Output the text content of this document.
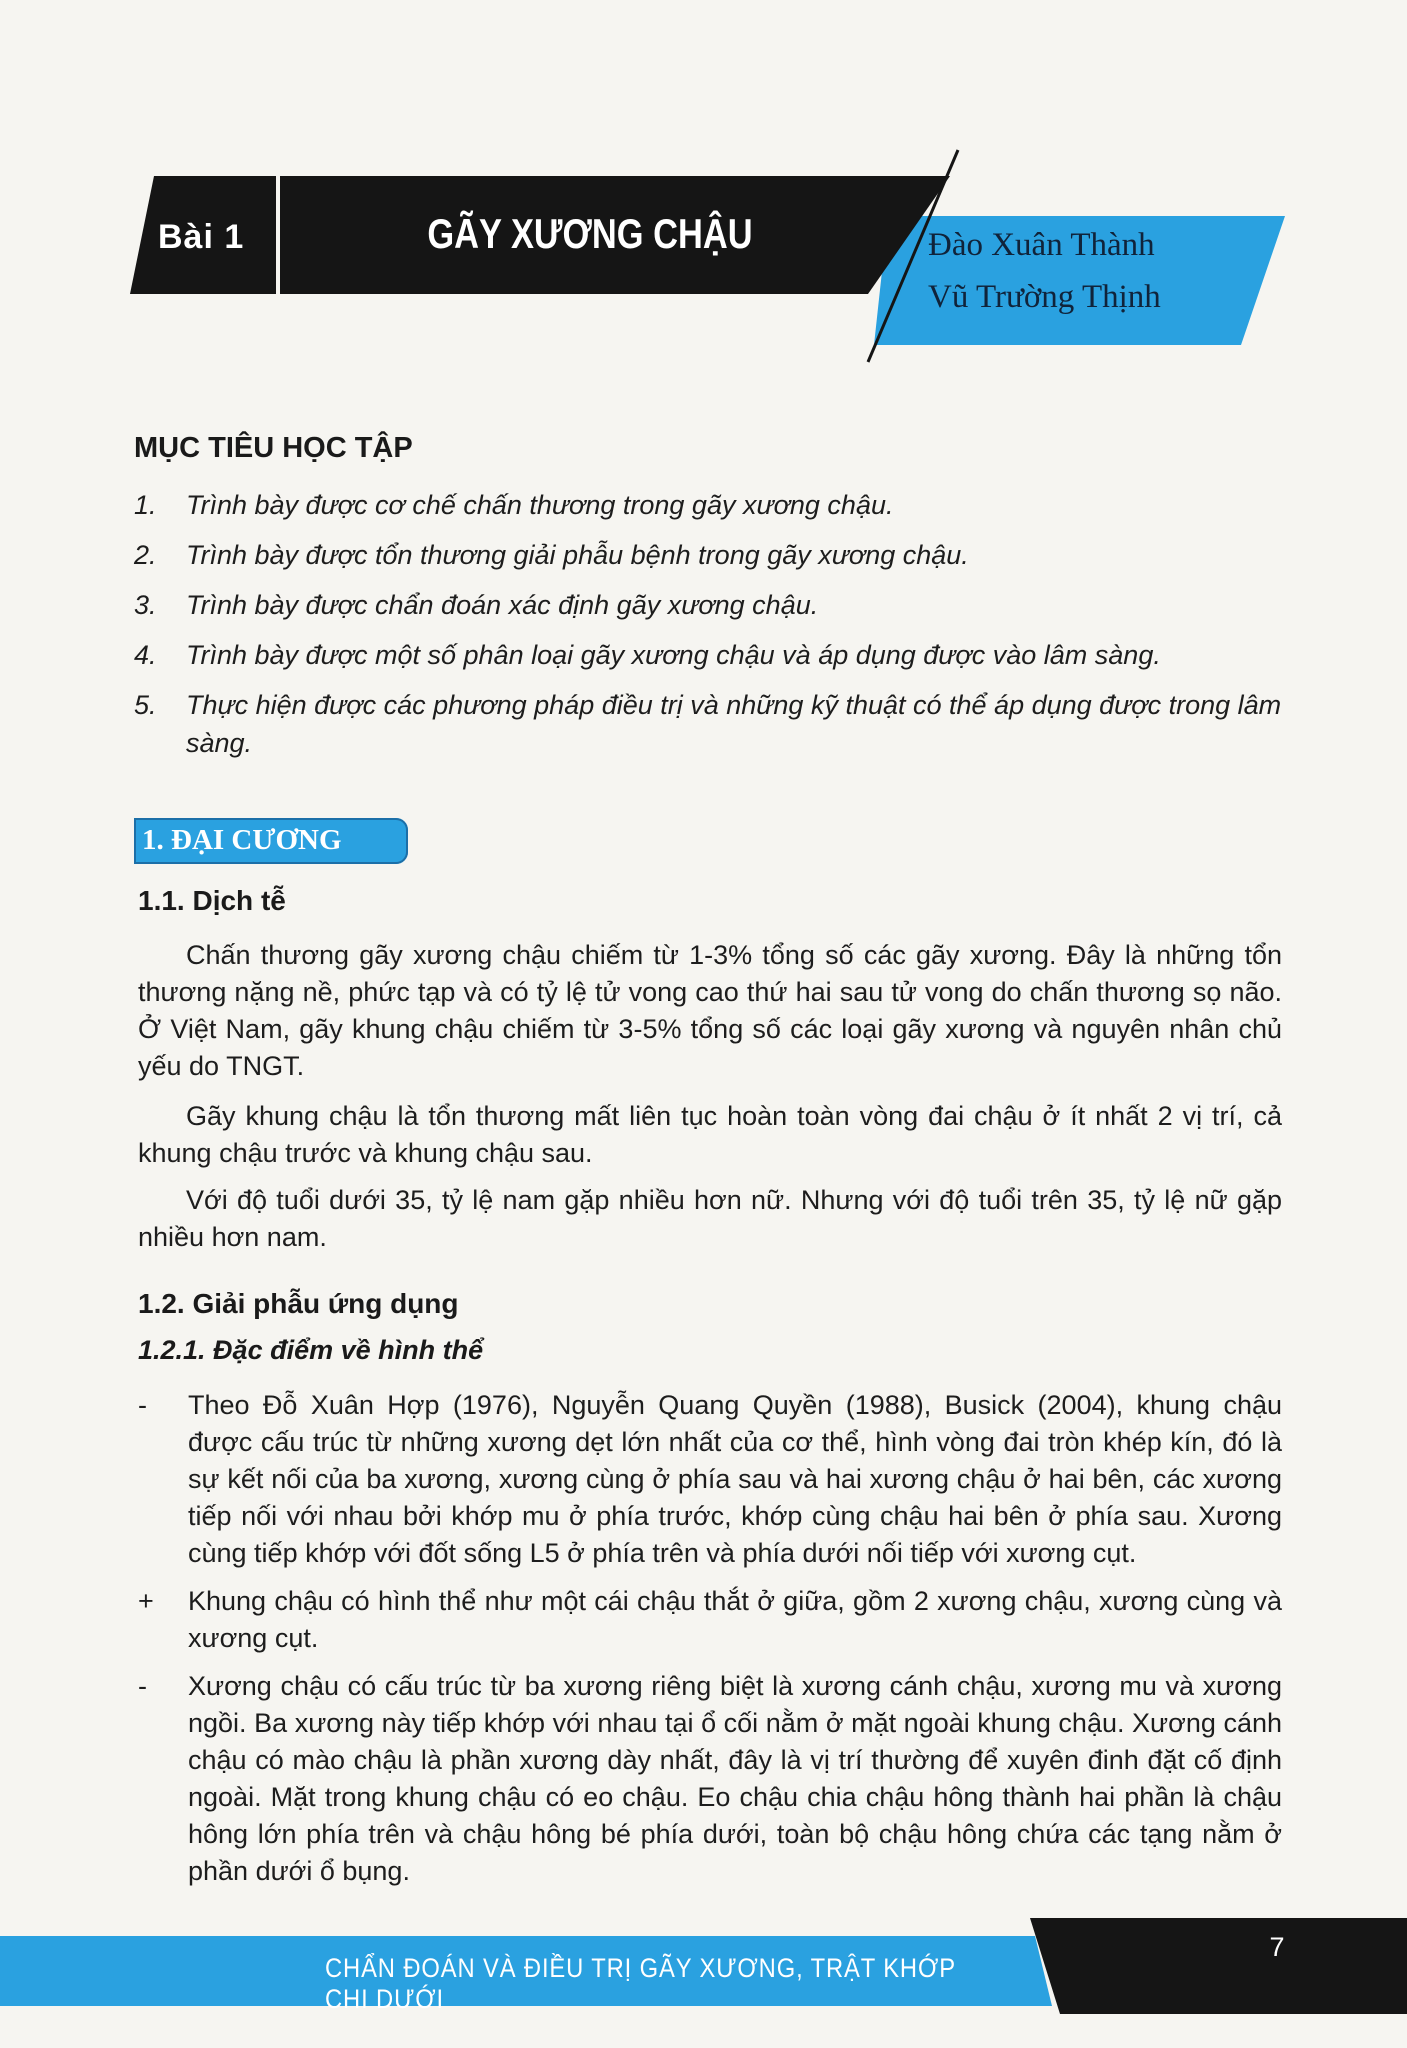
Bài 1	GÃY XƯƠNG CHẬU	Đào Xuân Thành
Vũ Trường Thịnh
MỤC TIÊU HỌC TẬP
1.	Trình bày được cơ chế chấn thương trong gãy xương chậu.
2.	Trình bày được tổn thương giải phẫu bệnh trong gãy xương chậu.
3.	Trình bày được chẩn đoán xác định gãy xương chậu.
4.	Trình bày được một số phân loại gãy xương chậu và áp dụng được vào lâm sàng.
5.	Thực hiện được các phương pháp điều trị và những kỹ thuật có thể áp dụng được trong lâm sàng.
1. ĐẠI CƯƠNG
1.1. Dịch tễ

Chấn thương gãy xương chậu chiếm từ 1-3% tổng số các gãy xương. Đây là những tổn thương nặng nề, phức tạp và có tỷ lệ tử vong cao thứ hai sau tử vong do chấn thương sọ não. Ở Việt Nam, gãy khung chậu chiếm từ 3-5% tổng số các loại gãy xương và nguyên nhân chủ yếu do TNGT.

Gãy khung chậu là tổn thương mất liên tục hoàn toàn vòng đai chậu ở ít nhất 2 vị trí, cả khung chậu trước và khung chậu sau.

Với độ tuổi dưới 35, tỷ lệ nam gặp nhiều hơn nữ. Nhưng với độ tuổi trên 35, tỷ lệ nữ gặp nhiều hơn nam.

1.2. Giải phẫu ứng dụng
1.2.1. Đặc điểm về hình thể
-	Theo Đỗ Xuân Hợp (1976), Nguyễn Quang Quyền (1988), Busick (2004), khung chậu được cấu trúc từ những xương dẹt lớn nhất của cơ thể, hình vòng đai tròn khép kín, đó là sự kết nối của ba xương, xương cùng ở phía sau và hai xương chậu ở hai bên, các xương tiếp nối với nhau bởi khớp mu ở phía trước, khớp cùng chậu hai bên ở phía sau. Xương cùng tiếp khớp với đốt sống L5 ở phía trên và phía dưới nối tiếp với xương cụt.
+	Khung chậu có hình thể như một cái chậu thắt ở giữa, gồm 2 xương chậu, xương cùng và xương cụt.
-	Xương chậu có cấu trúc từ ba xương riêng biệt là xương cánh chậu, xương mu và xương ngồi. Ba xương này tiếp khớp với nhau tại ổ cối nằm ở mặt ngoài khung chậu. Xương cánh chậu có mào chậu là phần xương dày nhất, đây là vị trí thường để xuyên đinh đặt cố định ngoài. Mặt trong khung chậu có eo chậu. Eo chậu chia chậu hông thành hai phần là chậu hông lớn phía trên và chậu hông bé phía dưới, toàn bộ chậu hông chứa các tạng nằm ở phần dưới ổ bụng.
CHẨN ĐOÁN VÀ ĐIỀU TRỊ GÃY XƯƠNG, TRẬT KHỚP CHI DƯỚI
7
